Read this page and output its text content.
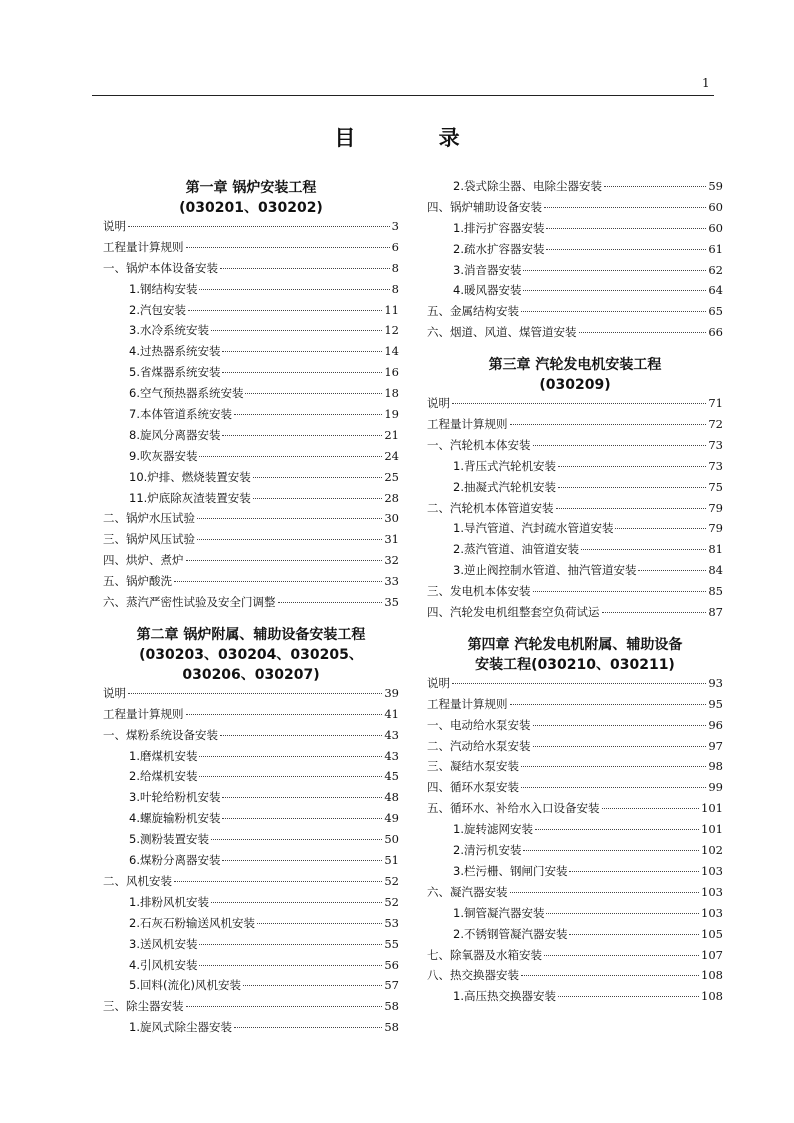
1
目 录
第一章 锅炉安装工程
(030201、030202)
说明	3
工程量计算规则	6
一、锅炉本体设备安装	8
1.钢结构安装	8
2.汽包安装	11
3.水冷系统安装	12
4.过热器系统安装	14
5.省煤器系统安装	16
6.空气预热器系统安装	18
7.本体管道系统安装	19
8.旋风分离器安装	21
9.吹灰器安装	24
10.炉排、燃烧装置安装	25
11.炉底除灰渣装置安装	28
二、锅炉水压试验	30
三、锅炉风压试验	31
四、烘炉、煮炉	32
五、锅炉酸洗	33
六、蒸汽严密性试验及安全门调整	35
第二章 锅炉附属、辅助设备安装工程
(030203、030204、030205、030206、030207)
说明	39
工程量计算规则	41
一、煤粉系统设备安装	43
1.磨煤机安装	43
2.给煤机安装	45
3.叶轮给粉机安装	48
4.螺旋输粉机安装	49
5.测粉装置安装	50
6.煤粉分离器安装	51
二、风机安装	52
1.排粉风机安装	52
2.石灰石粉输送风机安装	53
3.送风机安装	55
4.引风机安装	56
5.回料(流化)风机安装	57
三、除尘器安装	58
1.旋风式除尘器安装	58
2.袋式除尘器、电除尘器安装	59
四、锅炉辅助设备安装	60
1.排污扩容器安装	60
2.疏水扩容器安装	61
3.消音器安装	62
4.暖风器安装	64
五、金属结构安装	65
六、烟道、风道、煤管道安装	66
第三章 汽轮发电机安装工程
(030209)
说明	71
工程量计算规则	72
一、汽轮机本体安装	73
1.背压式汽轮机安装	73
2.抽凝式汽轮机安装	75
二、汽轮机本体管道安装	79
1.导汽管道、汽封疏水管道安装	79
2.蒸汽管道、油管道安装	81
3.逆止阀控制水管道、抽汽管道安装	84
三、发电机本体安装	85
四、汽轮发电机组整套空负荷试运	87
第四章 汽轮发电机附属、辅助设备
安装工程(030210、030211)
说明	93
工程量计算规则	95
一、电动给水泵安装	96
二、汽动给水泵安装	97
三、凝结水泵安装	98
四、循环水泵安装	99
五、循环水、补给水入口设备安装	101
1.旋转滤网安装	101
2.清污机安装	102
3.栏污栅、钢闸门安装	103
六、凝汽器安装	103
1.铜管凝汽器安装	103
2.不锈钢管凝汽器安装	105
七、除氧器及水箱安装	107
八、热交换器安装	108
1.高压热交换器安装	108
